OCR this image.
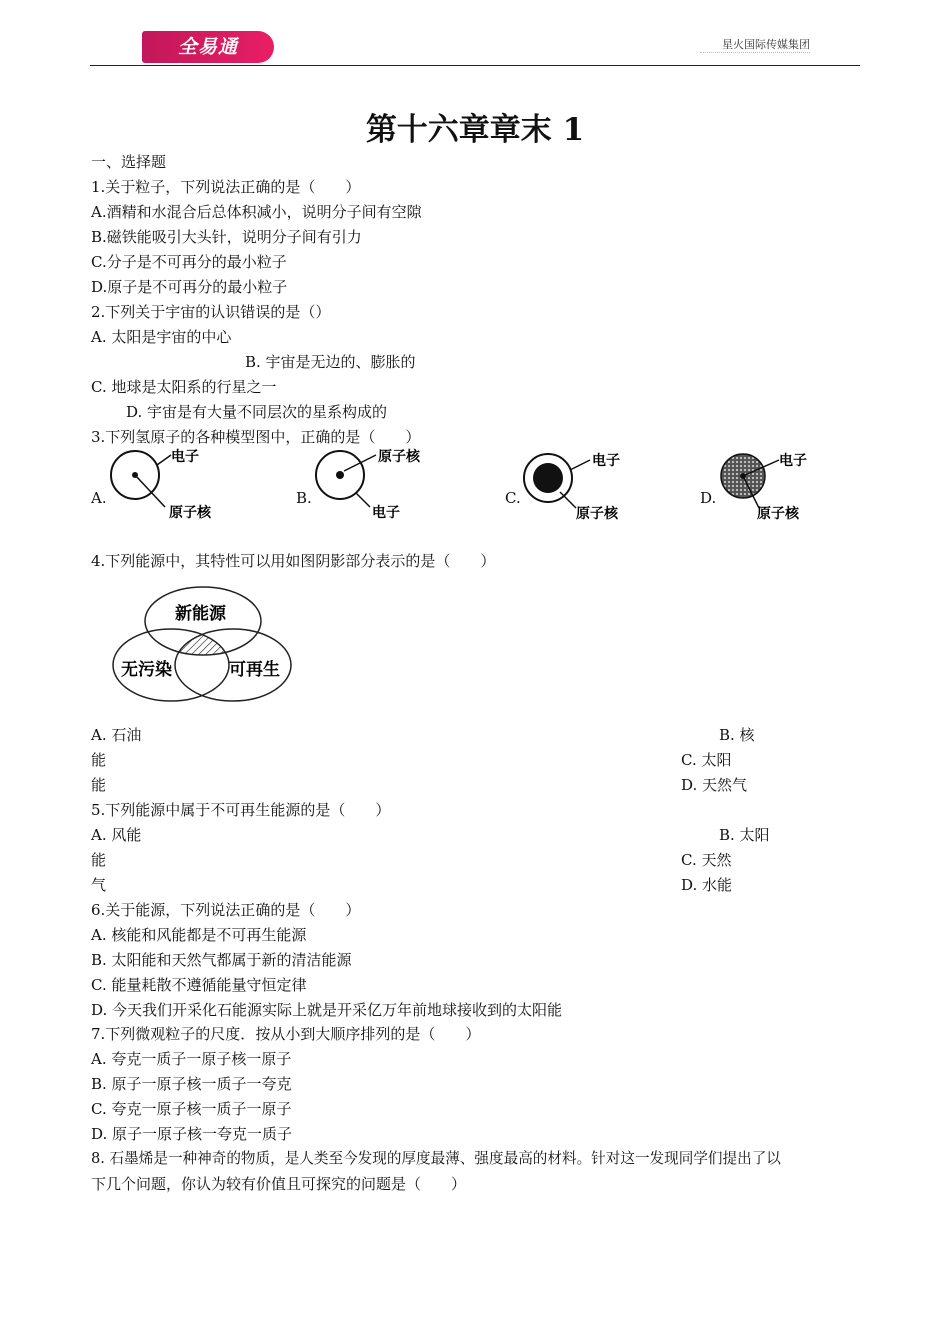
全易通	星火国际传媒集团
第十六章章末 1
一、选择题
1.关于粒子，下列说法正确的是（　　）
A.酒精和水混合后总体积减小，说明分子间有空隙
B.磁铁能吸引大头针，说明分子间有引力
C.分子是不可再分的最小粒子
D.原子是不可再分的最小粒子
2.下列关于宇宙的认识错误的是（）
A. 太阳是宇宙的中心
B. 宇宙是无边的、膨胀的
C. 地球是太阳系的行星之一
D. 宇宙是有大量不同层次的星系构成的
3.下列氢原子的各种模型图中，正确的是（　　）
A.
电子
原子核
B.
原子核
电子
C.
电子
原子核
D.
电子
原子核
4.下列能源中，其特性可以用如图阴影部分表示的是（　　）
新能源
无污染	可再生
A. 石油	B. 核
能	C. 太阳
能	D. 天然气
5.下列能源中属于不可再生能源的是（　　）
A. 风能	B. 太阳
能	C. 天然
气	D. 水能
6.关于能源，下列说法正确的是（　　）
A. 核能和风能都是不可再生能源
B. 太阳能和天然气都属于新的清洁能源
C. 能量耗散不遵循能量守恒定律
D. 今天我们开采化石能源实际上就是开采亿万年前地球接收到的太阳能
7.下列微观粒子的尺度．按从小到大顺序排列的是（　　）
A. 夸克一质子一原子核一原子
B. 原子一原子核一质子一夸克
C. 夸克一原子核一质子一原子
D. 原子一原子核一夸克一质子
8. 石墨烯是一种神奇的物质，是人类至今发现的厚度最薄、强度最高的材料。针对这一发现同学们提出了以
下几个问题，你认为较有价值且可探究的问题是（　　）
